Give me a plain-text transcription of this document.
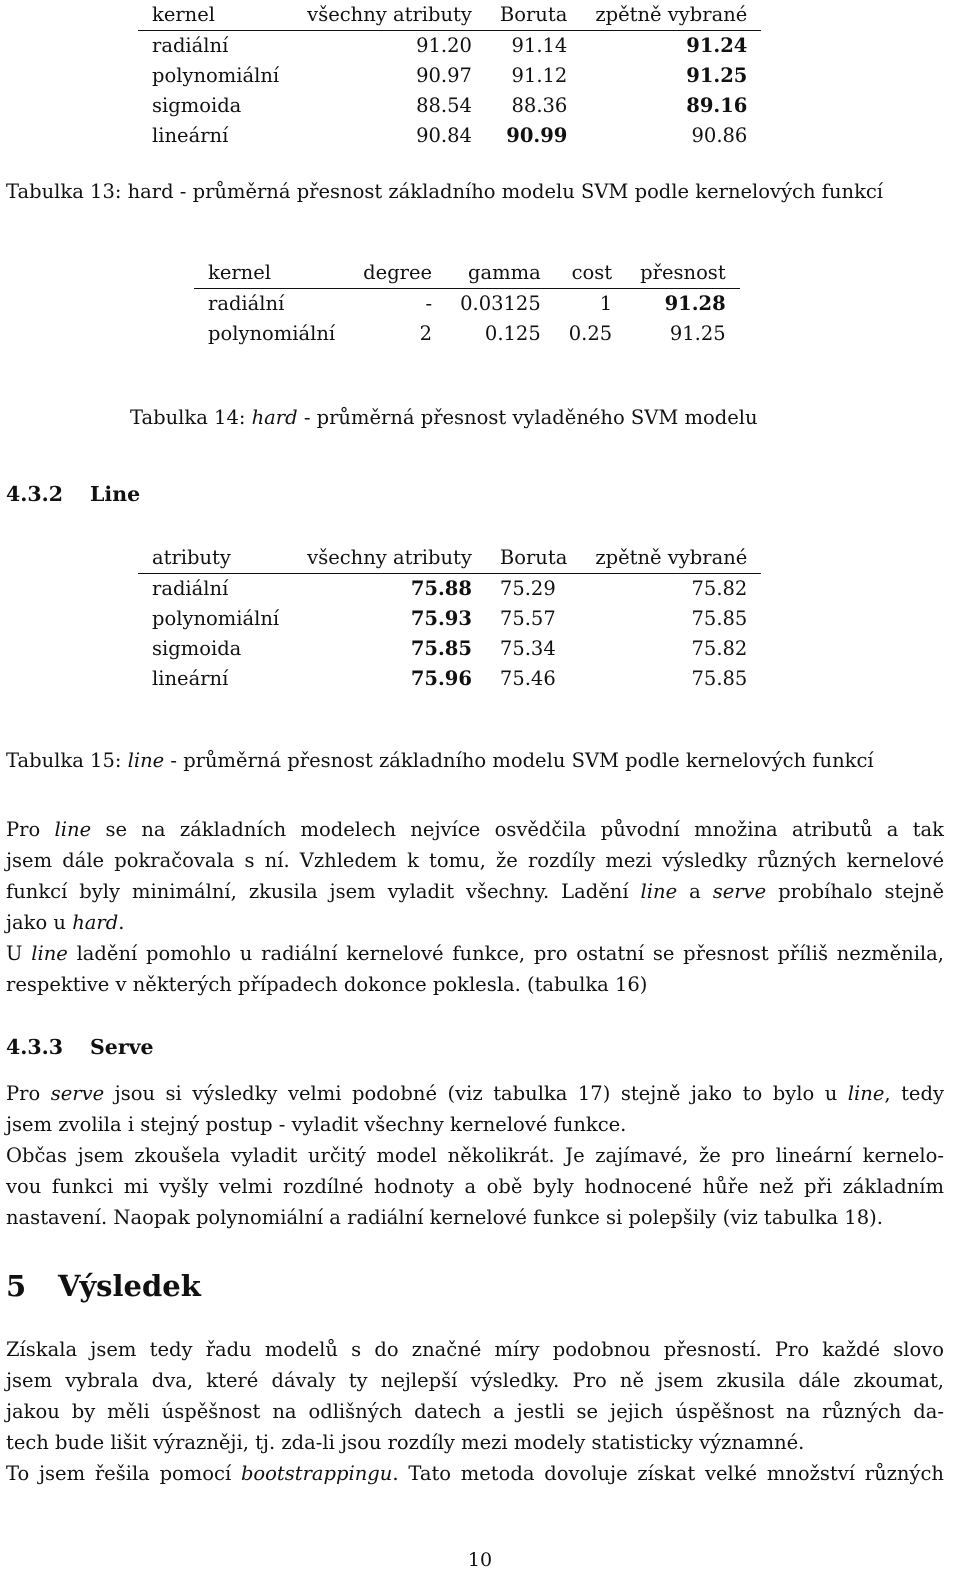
kernel	všechny atributy	Boruta	zpětně vybrané
radiální	91.20	91.14	91.24
polynomiální	90.97	91.12	91.25
sigmoida	88.54	88.36	89.16
lineární	90.84	90.99	90.86
Tabulka 13: hard - průměrná přesnost základního modelu SVM podle kernelových funkcí
kernel	degree	gamma	cost	přesnost
radiální	-	0.03125	1	91.28
polynomiální	2	0.125	0.25	91.25
Tabulka 14: hard - průměrná přesnost vyladěného SVM modelu
4.3.2 Line
atributy	všechny atributy	Boruta	zpětně vybrané
radiální	75.88	75.29	75.82
polynomiální	75.93	75.57	75.85
sigmoida	75.85	75.34	75.82
lineární	75.96	75.46	75.85
Tabulka 15: line - průměrná přesnost základního modelu SVM podle kernelových funkcí
Pro line se na základních modelech nejvíce osvědčila původní množina atributů a tak
jsem dále pokračovala s ní. Vzhledem k tomu, že rozdíly mezi výsledky různých kernelové
funkcí byly minimální, zkusila jsem vyladit všechny. Ladění line a serve probíhalo stejně
jako u hard.
U line ladění pomohlo u radiální kernelové funkce, pro ostatní se přesnost příliš nezměnila,
respektive v některých případech dokonce poklesla. (tabulka 16)
4.3.3 Serve
Pro serve jsou si výsledky velmi podobné (viz tabulka 17) stejně jako to bylo u line, tedy
jsem zvolila i stejný postup - vyladit všechny kernelové funkce.
Občas jsem zkoušela vyladit určitý model několikrát. Je zajímavé, že pro lineární kernelo-
vou funkci mi vyšly velmi rozdílné hodnoty a obě byly hodnocené hůře než při základním
nastavení. Naopak polynomiální a radiální kernelové funkce si polepšily (viz tabulka 18).
5 Výsledek
Získala jsem tedy řadu modelů s do značné míry podobnou přesností. Pro každé slovo
jsem vybrala dva, které dávaly ty nejlepší výsledky. Pro ně jsem zkusila dále zkoumat,
jakou by měli úspěšnost na odlišných datech a jestli se jejich úspěšnost na různých da-
tech bude lišit výrazněji, tj. zda-li jsou rozdíly mezi modely statisticky významné.
To jsem řešila pomocí bootstrappingu. Tato metoda dovoluje získat velké množství různých
10
